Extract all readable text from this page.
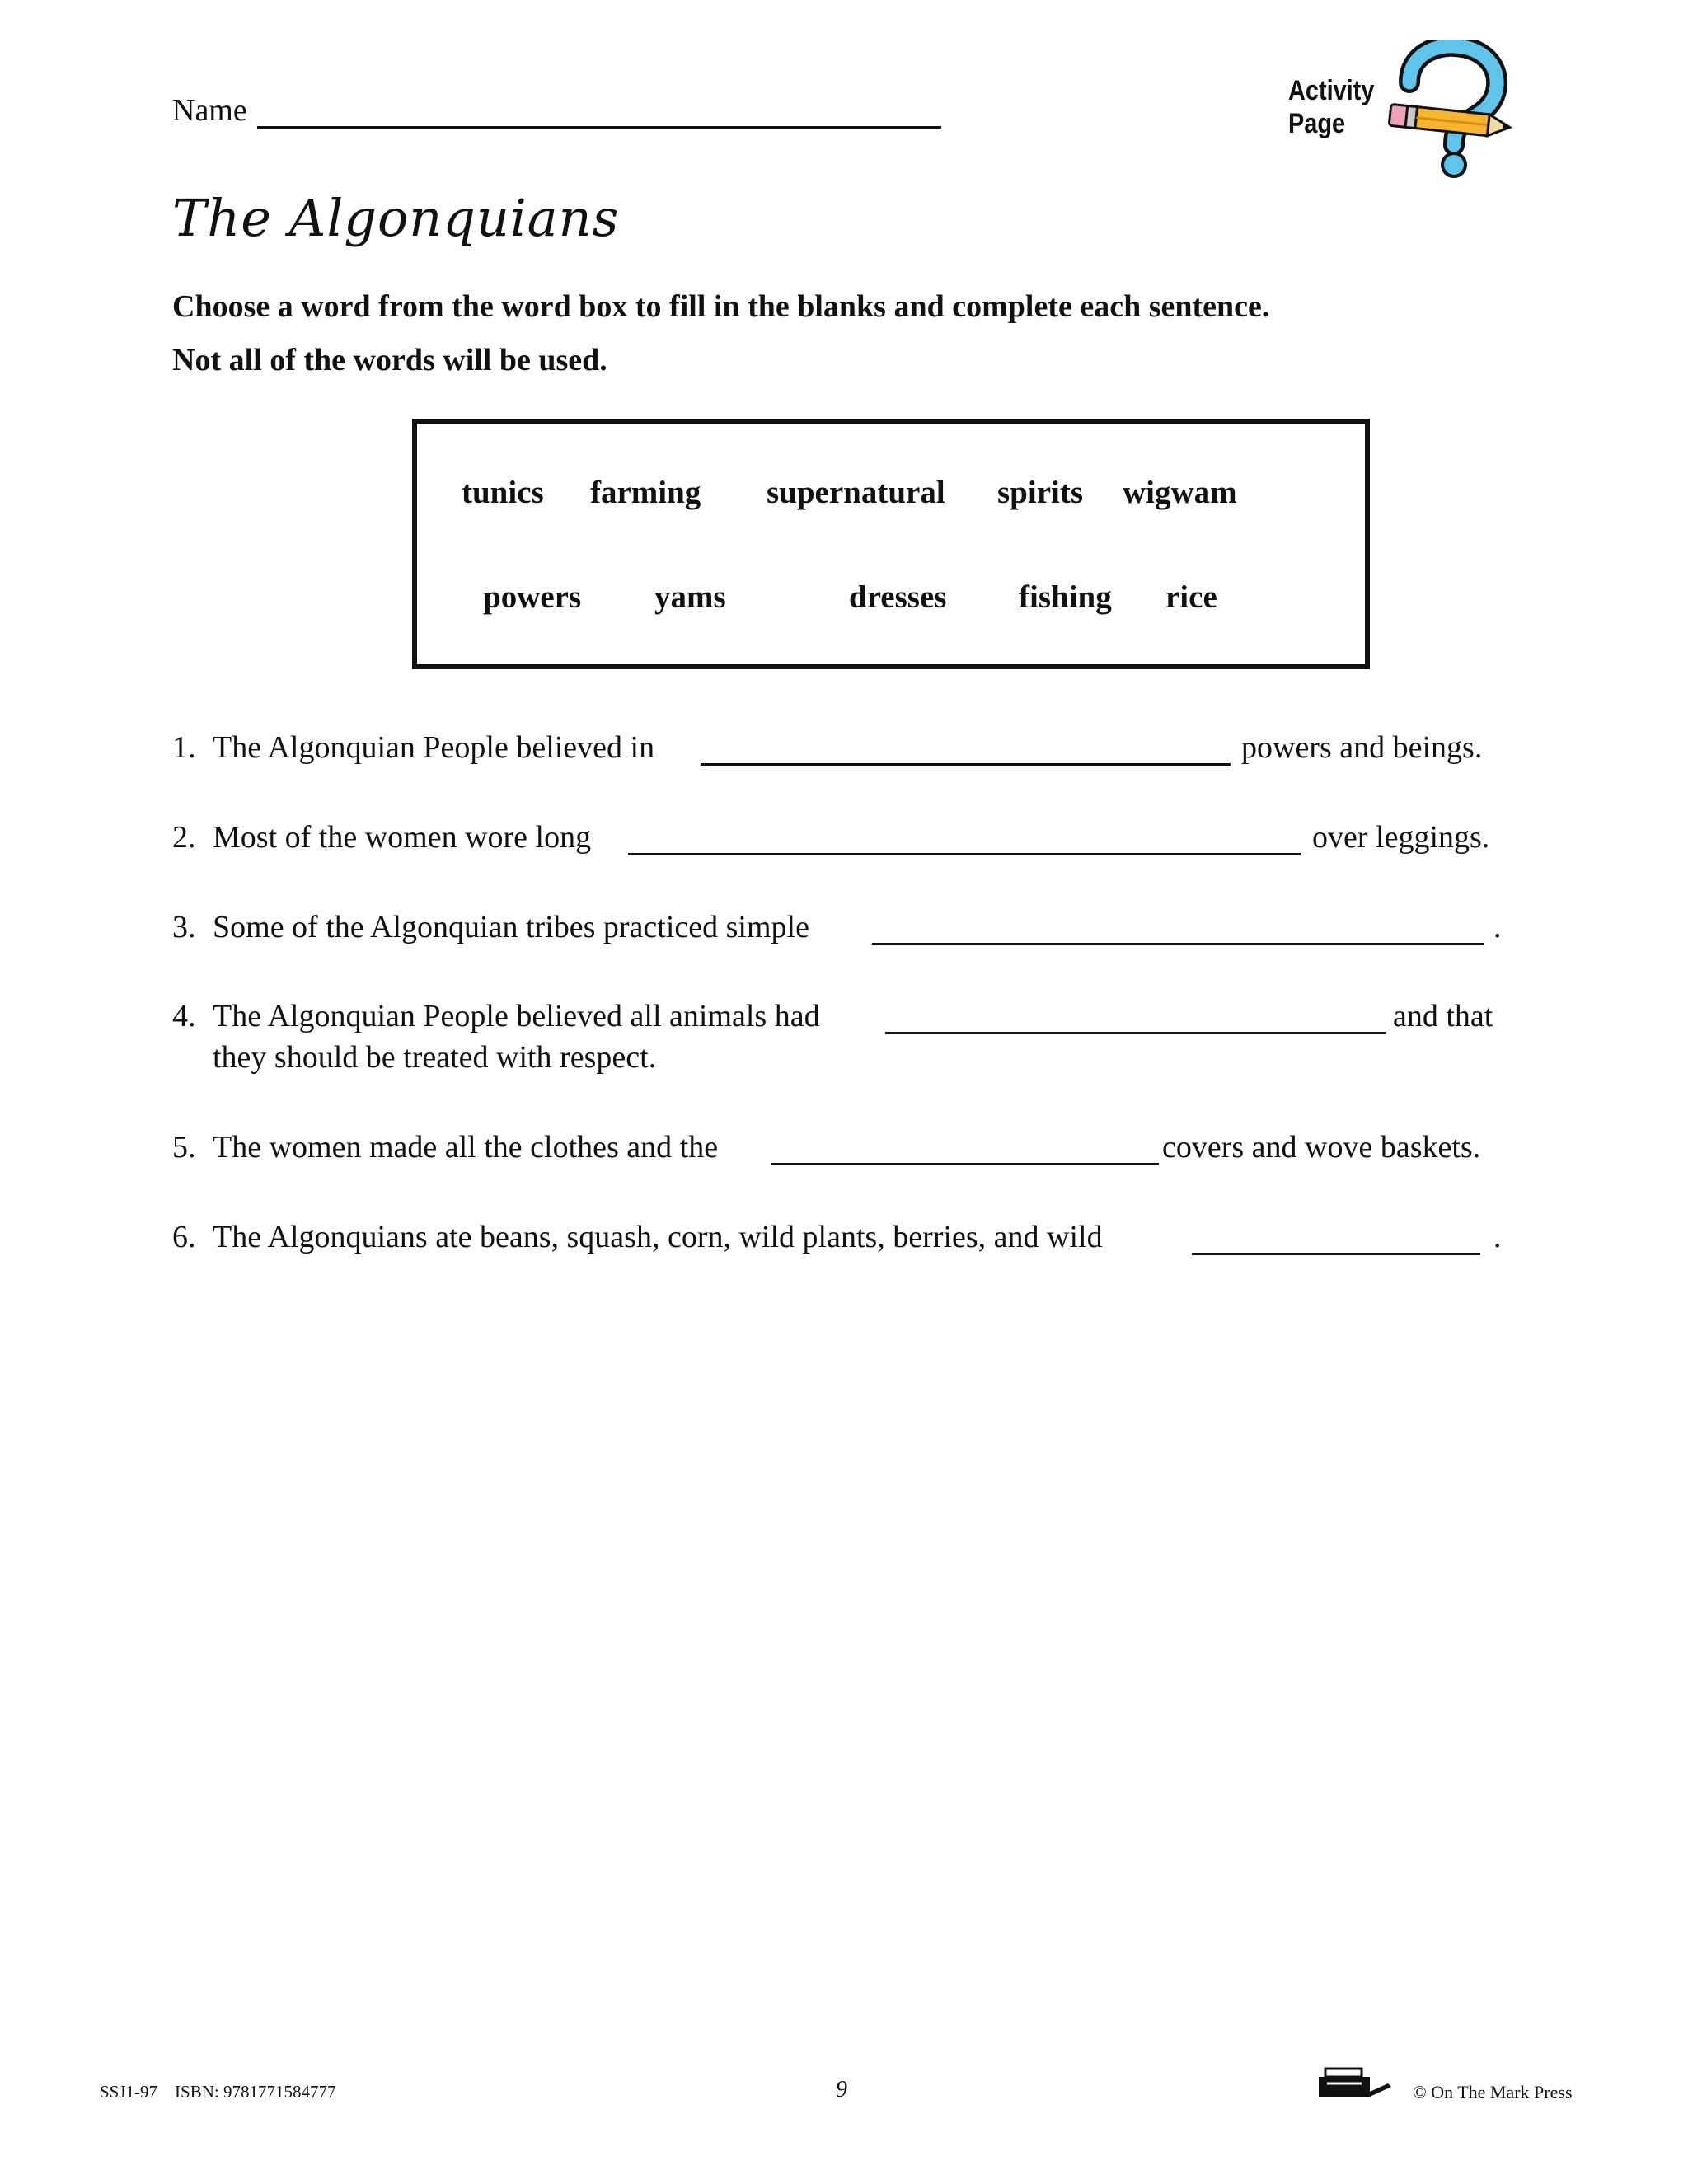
Name
Activity
Page
The Algonquians
Choose a word from the word box to fill in the blanks and complete each sentence.
Not all of the words will be used.
tunics farming supernatural spirits wigwam
powers yams	dresses fishing rice
1. The Algonquian People believed in	powers and beings.
2. Most of the women wore long	over leggings.
3. Some of the Algonquian tribes practiced simple	.
4. The Algonquian People believed all animals had	and that
they should be treated with respect.
5. The women made all the clothes and the	covers and wove baskets.
6. The Algonquians ate beans, squash, corn, wild plants, berries, and wild	.
SSJ1-97    ISBN: 9781771584777	9	© On The Mark Press
